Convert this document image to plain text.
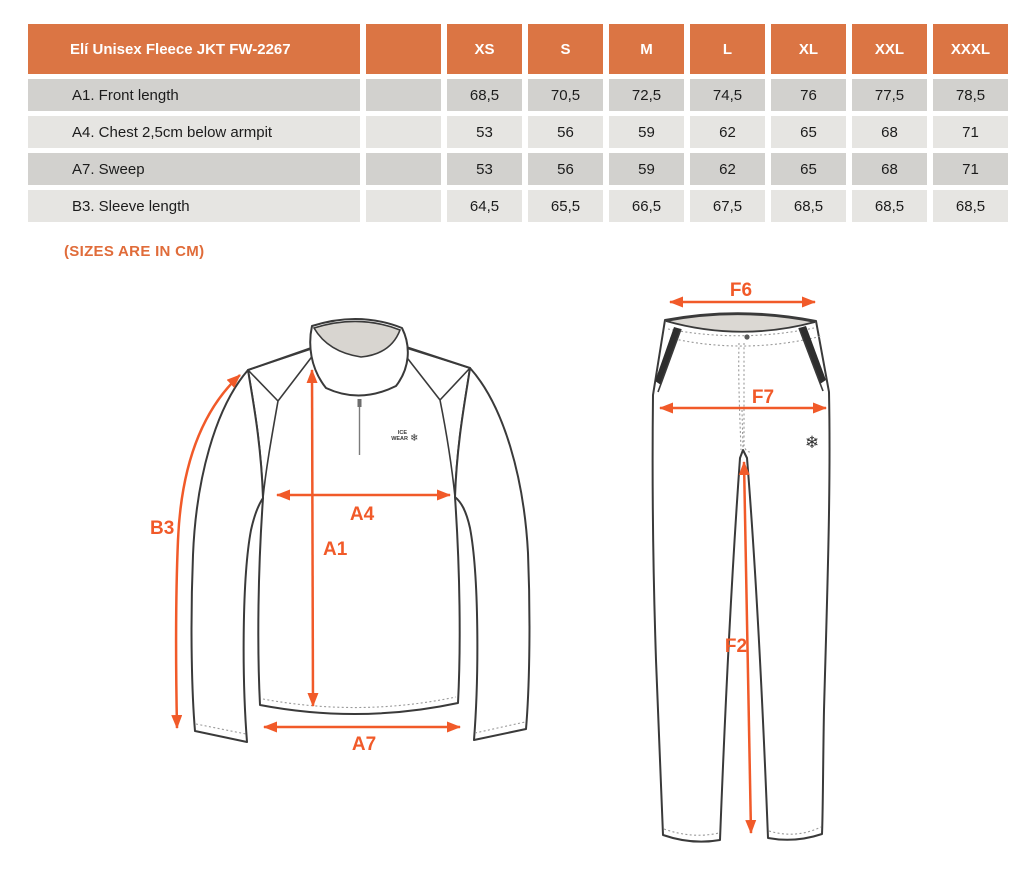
Elí Unisex Fleece JKT FW-2267	XS	S	M	L	XL	XXL	XXXL
A1. Front length	68,5	70,5	72,5	74,5	76	77,5	78,5
A4. Chest 2,5cm below armpit	53	56	59	62	65	68	71
A7. Sweep	53	56	59	62	65	68	71
B3. Sleeve length	64,5	65,5	66,5	67,5	68,5	68,5	68,5
(SIZES ARE IN CM)
ICE
WEAR ❄
B3
A1
A4
A7
❄
F6
F7
F2
